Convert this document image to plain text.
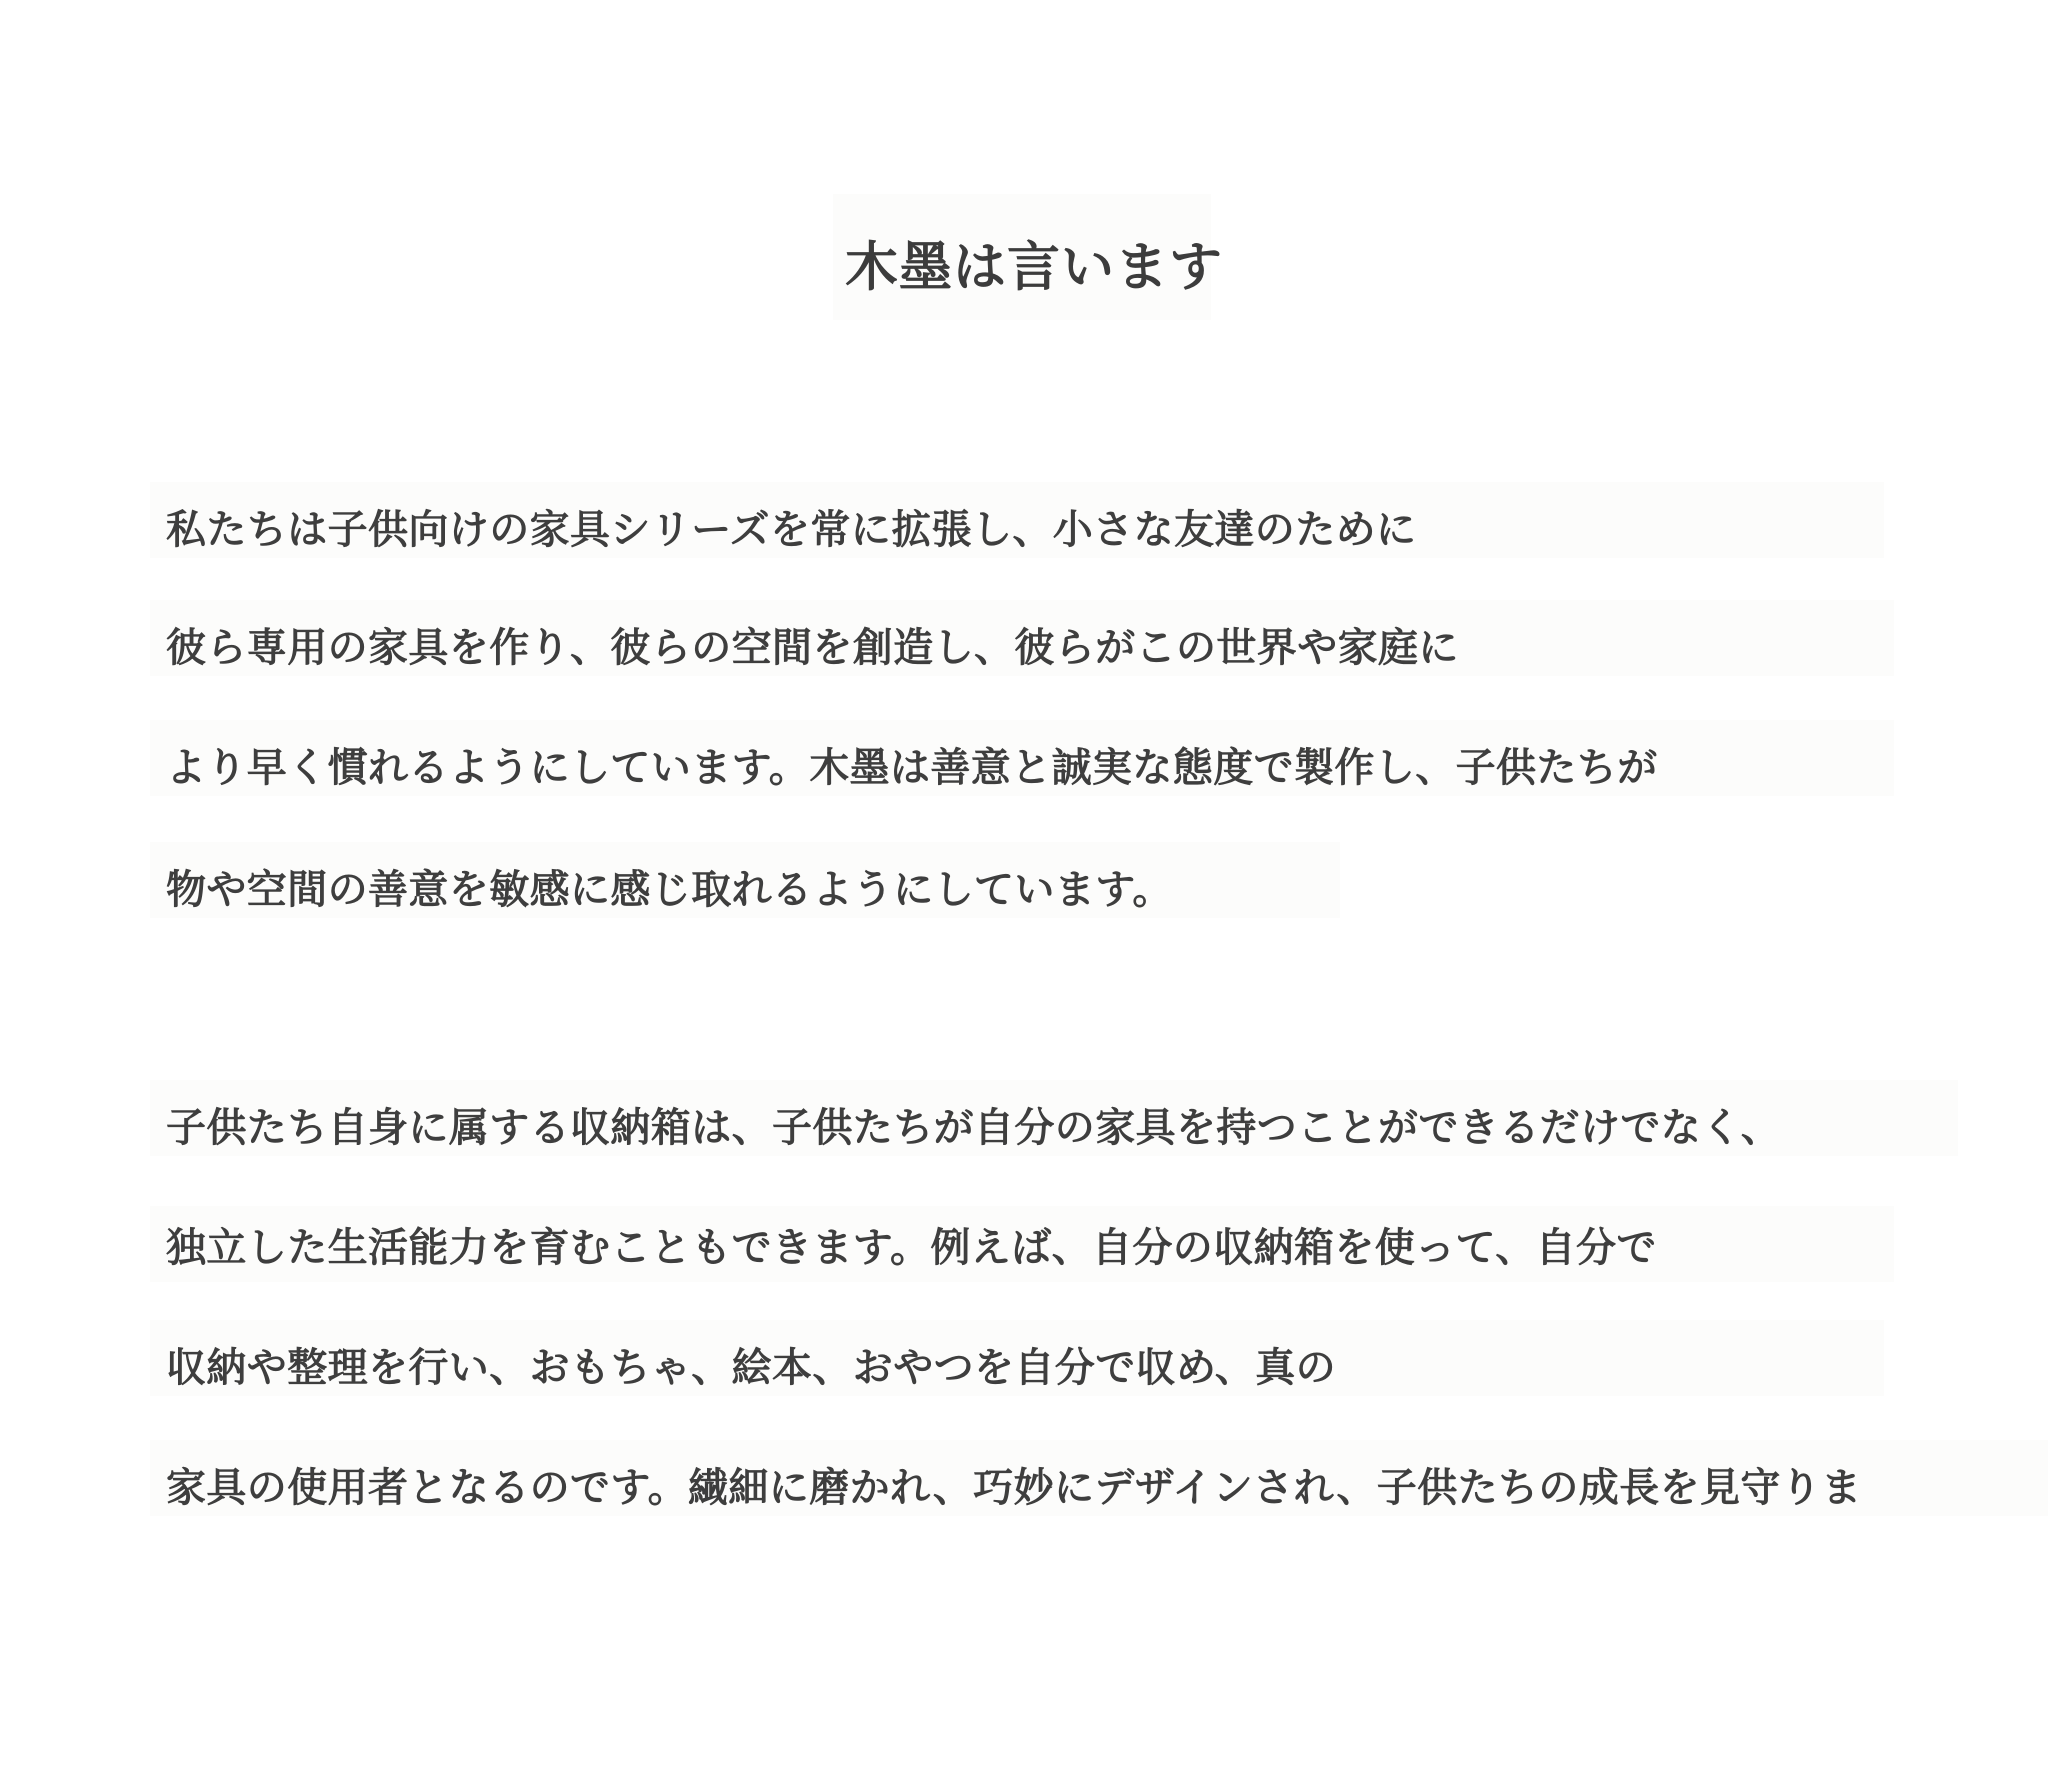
木墨は言います
私たちは子供向けの家具シリーズを常に拡張し、小さな友達のために
彼ら専用の家具を作り、彼らの空間を創造し、彼らがこの世界や家庭に
より早く慣れるようにしています。木墨は善意と誠実な態度で製作し、子供たちが
物や空間の善意を敏感に感じ取れるようにしています。
子供たち自身に属する収納箱は、子供たちが自分の家具を持つことができるだけでなく、
独立した生活能力を育むこともできます。例えば、自分の収納箱を使って、自分で
収納や整理を行い、おもちゃ、絵本、おやつを自分で収め、真の
家具の使用者となるのです。繊細に磨かれ、巧妙にデザインされ、子供たちの成長を見守りま
